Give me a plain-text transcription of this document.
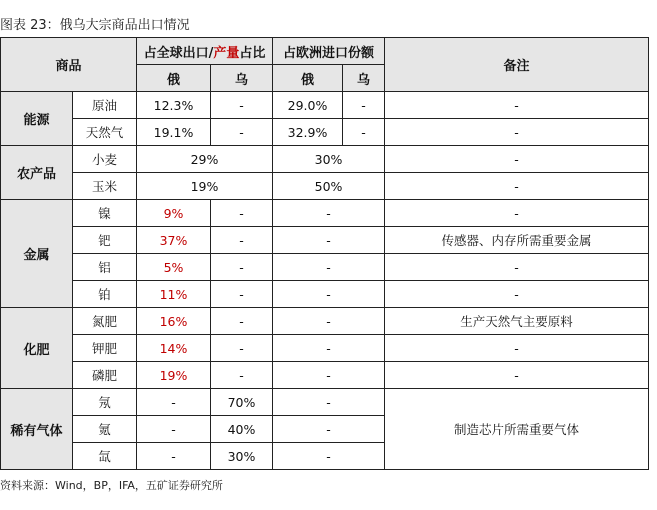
图表 23：俄乌大宗商品出口情况
商品		占全球出口/产量占比		占欧洲进口份额		备注
		俄	乌	俄	乌	
能源	原油	12.3%	-	29.0%	-	-
	天然气	19.1%	-	32.9%	-	-
农产品	小麦	29%		30%		-
	玉米	19%		50%		-
金属	镍	9%	-	-		-
	钯	37%	-	-		传感器、内存所需重要金属
	铝	5%	-	-		-
	铂	11%	-	-		-
化肥	氮肥	16%	-	-		生产天然气主要原料
	钾肥	14%	-	-		-
	磷肥	19%	-	-		-
稀有气体	氖	-	70%	-		制造芯片所需重要气体
	氪	-	40%	-		
	氙	-	30%	-		
资料来源：Wind，BP，IFA，五矿证券研究所
